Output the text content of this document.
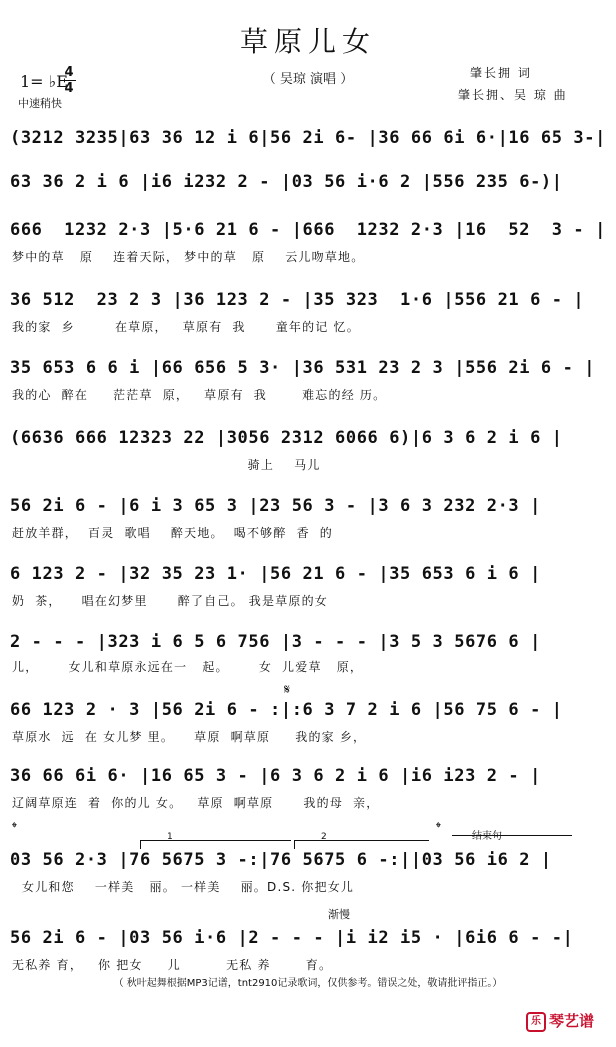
草原儿女
（ 吴琼 演唱 ）
1= ♭E
4
4
中速稍快
肇长拥 词
肇长拥、吴 琼 曲
(3212 3235|63 36 12 i 6|56 2i 6- |36 66 6i 6·|16 65 3-|
63 36 2 i 6 |i6 i232 2 - |03 56 i·6 2 |556 235 6-)|
666  1232 2·3 |5·6 21 6 - |666  1232 2·3 |16  52  3 - |
梦中的草   原    连着天际， 梦中的草   原    云儿吻草地。
36 512  23 2 3 |36 123 2 - |35 323  1·6 |556 21 6 - |
我的家  乡        在草原，   草原有  我      童年的记 忆。
35 653 6 6 i |66 656 5 3· |36 531 23 2 3 |556 2i 6 - |
我的心  醉在     茫茫草  原，   草原有  我       难忘的经 历。
(6636 666 12323 22 |3056 2312 6066 6)|6 3 6 2 i 6 |
骑上    马儿
56 2i 6 - |6 i 3 65 3 |23 56 3 - |3 6 3 232 2·3 |
赶放羊群，  百灵  歌唱    醉天地。  喝不够醉  香  的
6 123 2 - |32 35 23 1· |56 21 6 - |35 653 6 i 6 |
奶  茶，    唱在幻梦里      醉了自己。 我是草原的女
2 - - - |323 i 6 5 6 756 |3 - - - |3 5 3 5676 6 |
儿，      女儿和草原永远在一   起。      女  儿爱草   原，
𝄋
66 123 2 · 3 |56 2i 6 - :|:6 3 7 2 i 6 |56 75 6 - |
草原水  远  在 女儿梦 里。    草原  啊草原     我的家 乡，
36 66 6i 6· |16 65 3 - |6 3 6 2 i 6 |i6 i23 2 - |
辽阔草原连  着  你的儿 女。   草原  啊草原      我的母  亲，
𝄌	𝄌
结束句
1	2
03 56 2·3 |76 5675 3 -:|76 5675 6 -:||03 56 i6 2 |
女儿和您    一样美   丽。 一样美    丽。D.S. 你把女儿
渐慢
56 2i 6 - |03 56 i·6 |2 - - - |i i2 i5 · |6i6 6 - -|
无私养 育，   你 把女     儿         无私 养       育。
（ 秋叶起舞根据MP3记谱，tnt2910记录歌词，仅供参考。错误之处，敬请批评指正。）
乐 琴艺谱
